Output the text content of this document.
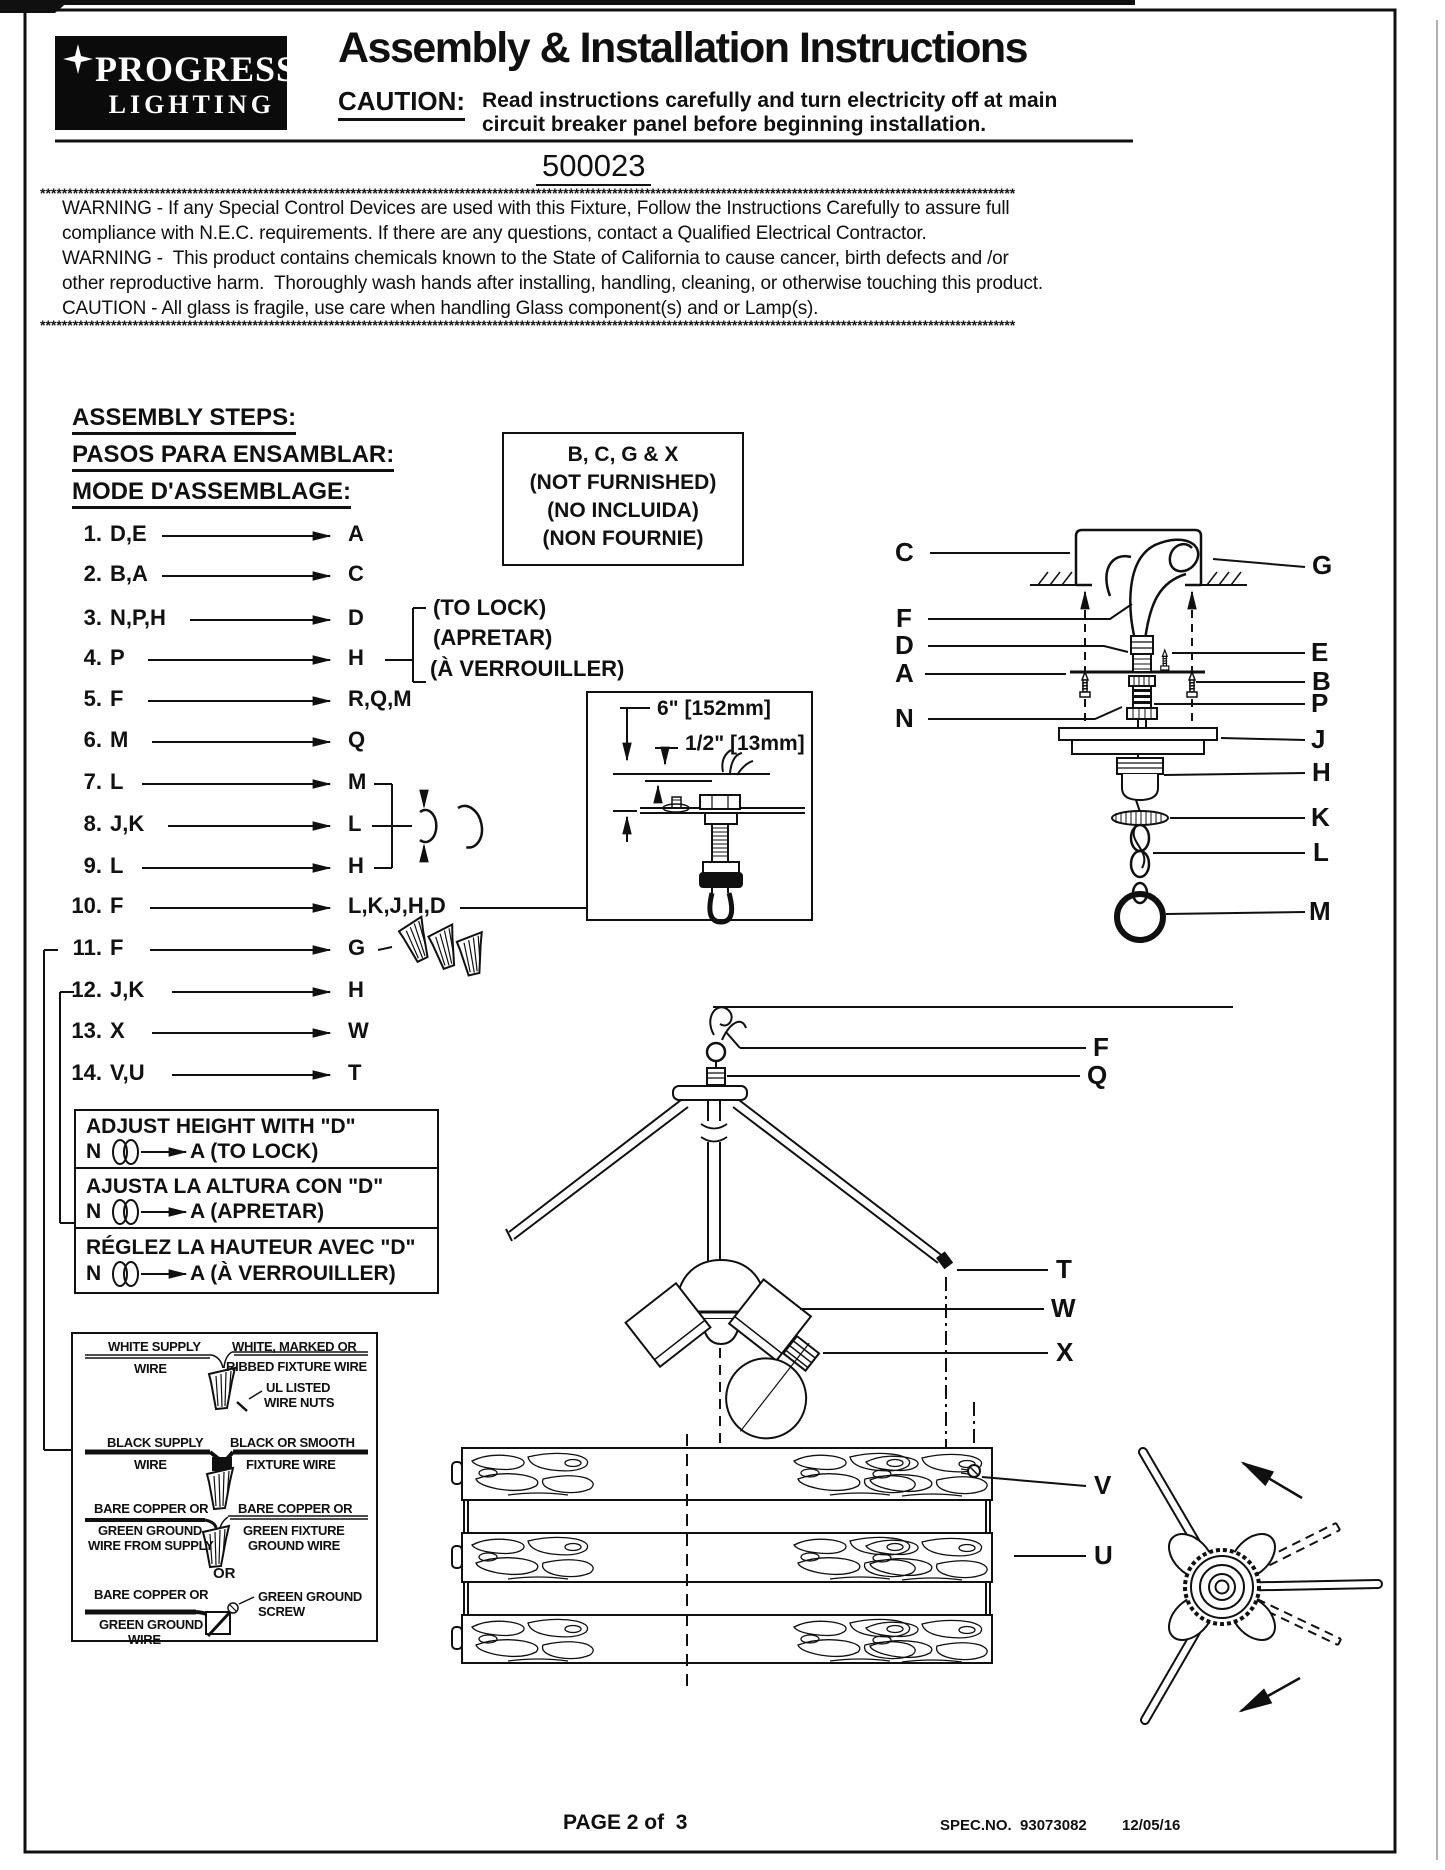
PROGRESS
LIGHTING
Assembly & Installation Instructions
CAUTION: Read instructions carefully and turn electricity off at main
circuit breaker panel before beginning installation.
500023
***********************************************************************************************************************************************************************************
WARNING - If any Special Control Devices are used with this Fixture, Follow the Instructions Carefully to assure full
compliance with N.E.C. requirements. If there are any questions, contact a Qualified Electrical Contractor.
WARNING -  This product contains chemicals known to the State of California to cause cancer, birth defects and /or
other reproductive harm.  Thoroughly wash hands after installing, handling, cleaning, or otherwise touching this product.
CAUTION - All glass is fragile, use care when handling Glass component(s) and or Lamp(s).
***********************************************************************************************************************************************************************************
ASSEMBLY STEPS:
PASOS PARA ENSAMBLAR:
MODE D'ASSEMBLAGE:
1. D,E	A
2. B,A	C
3. N,P,H	D
4. P	H
5. F	R,Q,M
6. M	Q
7. L	M
8. J,K	L
9. L	H
10. F	L,K,J,H,D
11. F	G
12. J,K	H
13. X	W
14. V,U	T
(TO LOCK)
(APRETAR)
(À VERROUILLER)
B, C, G & X
(NOT FURNISHED)
(NO INCLUIDA)
(NON FOURNIE)
6" [152mm]
1/2" [13mm]
ADJUST HEIGHT WITH "D"
N	A (TO LOCK)
AJUSTA LA ALTURA CON "D"
N	A (APRETAR)
RÉGLEZ LA HAUTEUR AVEC "D"
N	A (À VERROUILLER)
WHITE SUPPLY
WIRE
WHITE, MARKED OR
RIBBED FIXTURE WIRE
UL LISTED
WIRE NUTS
BLACK SUPPLY
WIRE
BLACK OR SMOOTH
FIXTURE WIRE
BARE COPPER OR BARE COPPER OR
GREEN GROUND
WIRE FROM SUPPLY
GREEN FIXTURE
GROUND WIRE
OR
BARE COPPER OR
GREEN GROUND
WIRE
GREEN GROUND
SCREW
C
F
D
A
N
G
E
B
P
J
H
K
L
M
F
Q
T
W
X
V
U
PAGE 2 of  3	SPEC.NO.  93073082 12/05/16
